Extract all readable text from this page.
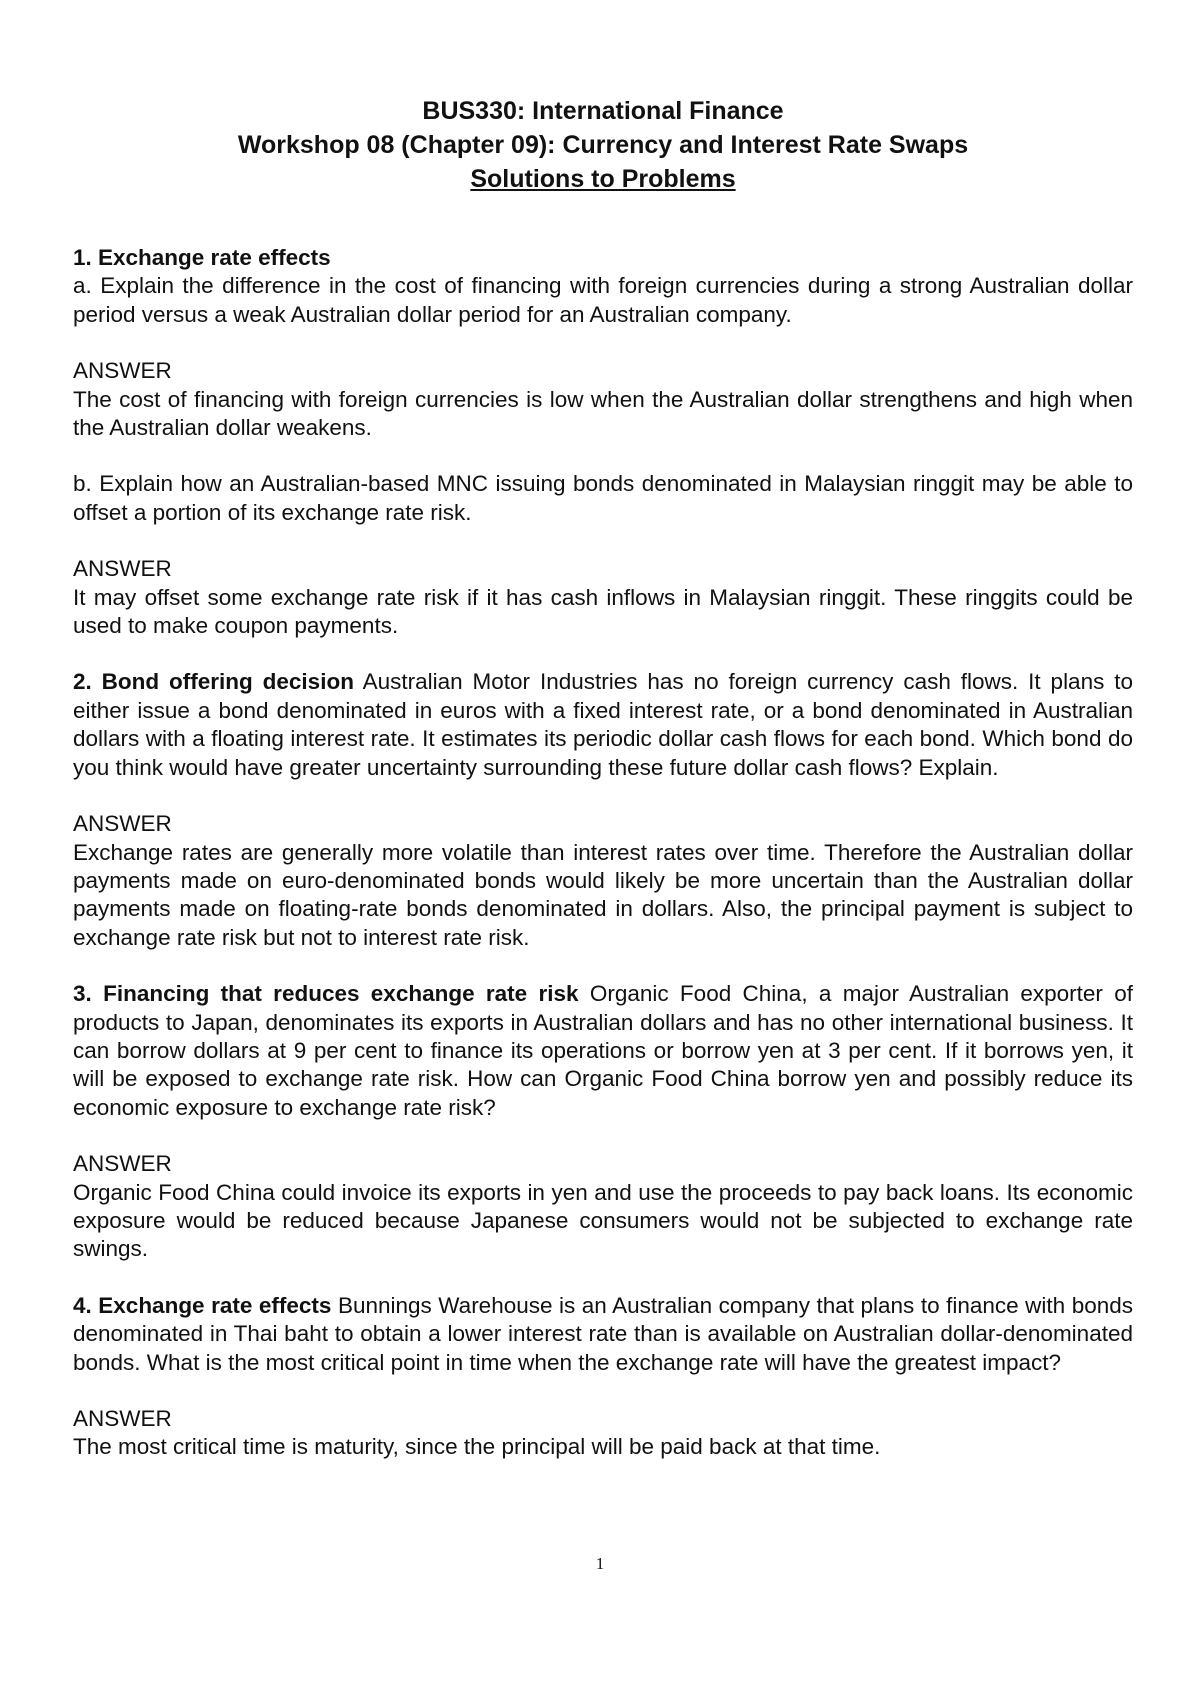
BUS330: International Finance
Workshop 08 (Chapter 09): Currency and Interest Rate Swaps
Solutions to Problems
1. Exchange rate effects

a. Explain the difference in the cost of financing with foreign currencies during a strong Australian dollar period versus a weak Australian dollar period for an Australian company.

ANSWER

The cost of financing with foreign currencies is low when the Australian dollar strengthens and high when the Australian dollar weakens.

b. Explain how an Australian-based MNC issuing bonds denominated in Malaysian ringgit may be able to offset a portion of its exchange rate risk.

ANSWER

It may offset some exchange rate risk if it has cash inflows in Malaysian ringgit. These ringgits could be used to make coupon payments.

2. Bond offering decision Australian Motor Industries has no foreign currency cash flows. It plans to either issue a bond denominated in euros with a fixed interest rate, or a bond denominated in Australian dollars with a floating interest rate. It estimates its periodic dollar cash flows for each bond. Which bond do you think would have greater uncertainty surrounding these future dollar cash flows? Explain.

ANSWER

Exchange rates are generally more volatile than interest rates over time. Therefore the Australian dollar payments made on euro-denominated bonds would likely be more uncertain than the Australian dollar payments made on floating-rate bonds denominated in dollars. Also, the principal payment is subject to exchange rate risk but not to interest rate risk.

3. Financing that reduces exchange rate risk Organic Food China, a major Australian exporter of products to Japan, denominates its exports in Australian dollars and has no other international business. It can borrow dollars at 9 per cent to finance its operations or borrow yen at 3 per cent. If it borrows yen, it will be exposed to exchange rate risk. How can Organic Food China borrow yen and possibly reduce its economic exposure to exchange rate risk?

ANSWER

Organic Food China could invoice its exports in yen and use the proceeds to pay back loans. Its economic exposure would be reduced because Japanese consumers would not be subjected to exchange rate swings.

4. Exchange rate effects Bunnings Warehouse is an Australian company that plans to finance with bonds denominated in Thai baht to obtain a lower interest rate than is available on Australian dollar-denominated bonds. What is the most critical point in time when the exchange rate will have the greatest impact?

ANSWER

The most critical time is maturity, since the principal will be paid back at that time.

1
